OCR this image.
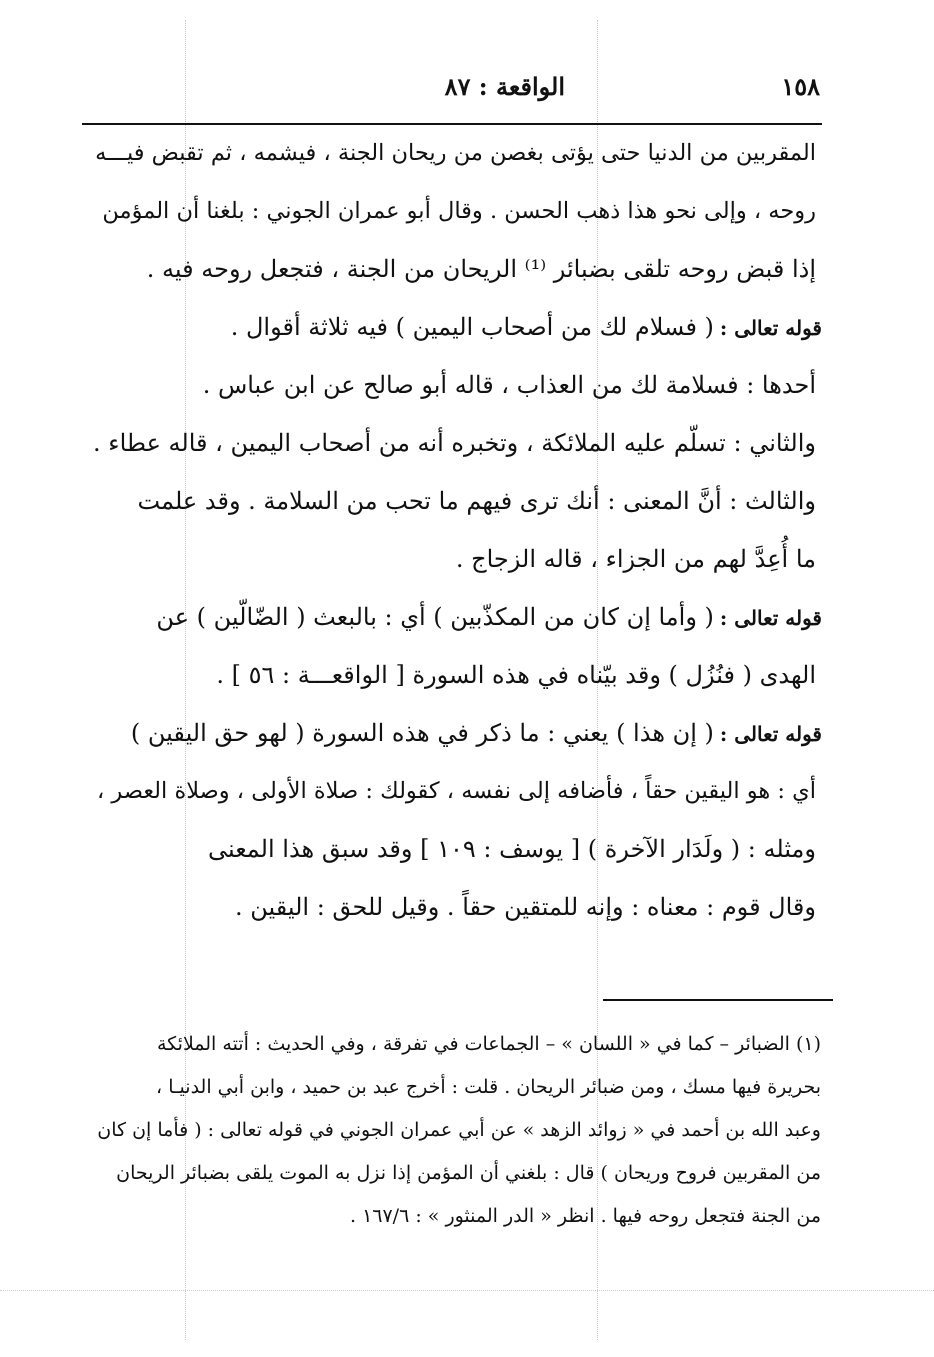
١٥٨
الواقعة : ٨٧
المقربين من الدنيا حتى يؤتى بغصن من ريحان الجنة ، فيشمه ، ثم تقبض فيـــه
روحه ، وإلى نحو هذا ذهب الحسن . وقال أبو عمران الجوني : بلغنا أن المؤمن
إذا قبض روحه تلقى بضبائر ⁽¹⁾ الريحان من الجنة ، فتجعل روحه فيه .
قوله تعالى :( فسلام لك من أصحاب اليمين ) فيه ثلاثة أقوال .
أحدها : فسلامة لك من العذاب ، قاله أبو صالح عن ابن عباس .
والثاني : تسلّم عليه الملائكة ، وتخبره أنه من أصحاب اليمين ، قاله عطاء .
والثالث : أنَّ المعنى : أنك ترى فيهم ما تحب من السلامة . وقد علمت
ما أُعِدَّ لهم من الجزاء ، قاله الزجاج .
قوله تعالى :( وأما إن كان من المكذّبين ) أي : بالبعث ( الضّالّين ) عن
الهدى ( فنُزُل ) وقد بيّناه في هذه السورة [ الواقعـــة : ٥٦ ] .
قوله تعالى :( إن هذا ) يعني : ما ذكر في هذه السورة ( لهو حق اليقين )
أي : هو اليقين حقاً ، فأضافه إلى نفسه ، كقولك : صلاة الأولى ، وصلاة العصر ،
ومثله : ( ولَدَار الآخرة ) [ يوسف : ١٠٩ ] وقد سبق هذا المعنى
وقال قوم : معناه : وإنه للمتقين حقاً . وقيل للحق : اليقين .
(١) الضبائر – كما في « اللسان » – الجماعات في تفرقة ، وفي الحديث : أتته الملائكة
بحريرة فيها مسك ، ومن ضبائر الريحان . قلت : أخرج عبد بن حميد ، وابن أبي الدنيـا ،
وعبد الله بن أحمد في « زوائد الزهد » عن أبي عمران الجوني في قوله تعالى : ( فأما إن كان
من المقربين فروح وريحان ) قال : بلغني أن المؤمن إذا نزل به الموت يلقى بضبائر الريحان
من الجنة فتجعل روحه فيها . انظر « الدر المنثور » : ١٦٧/٦ .
